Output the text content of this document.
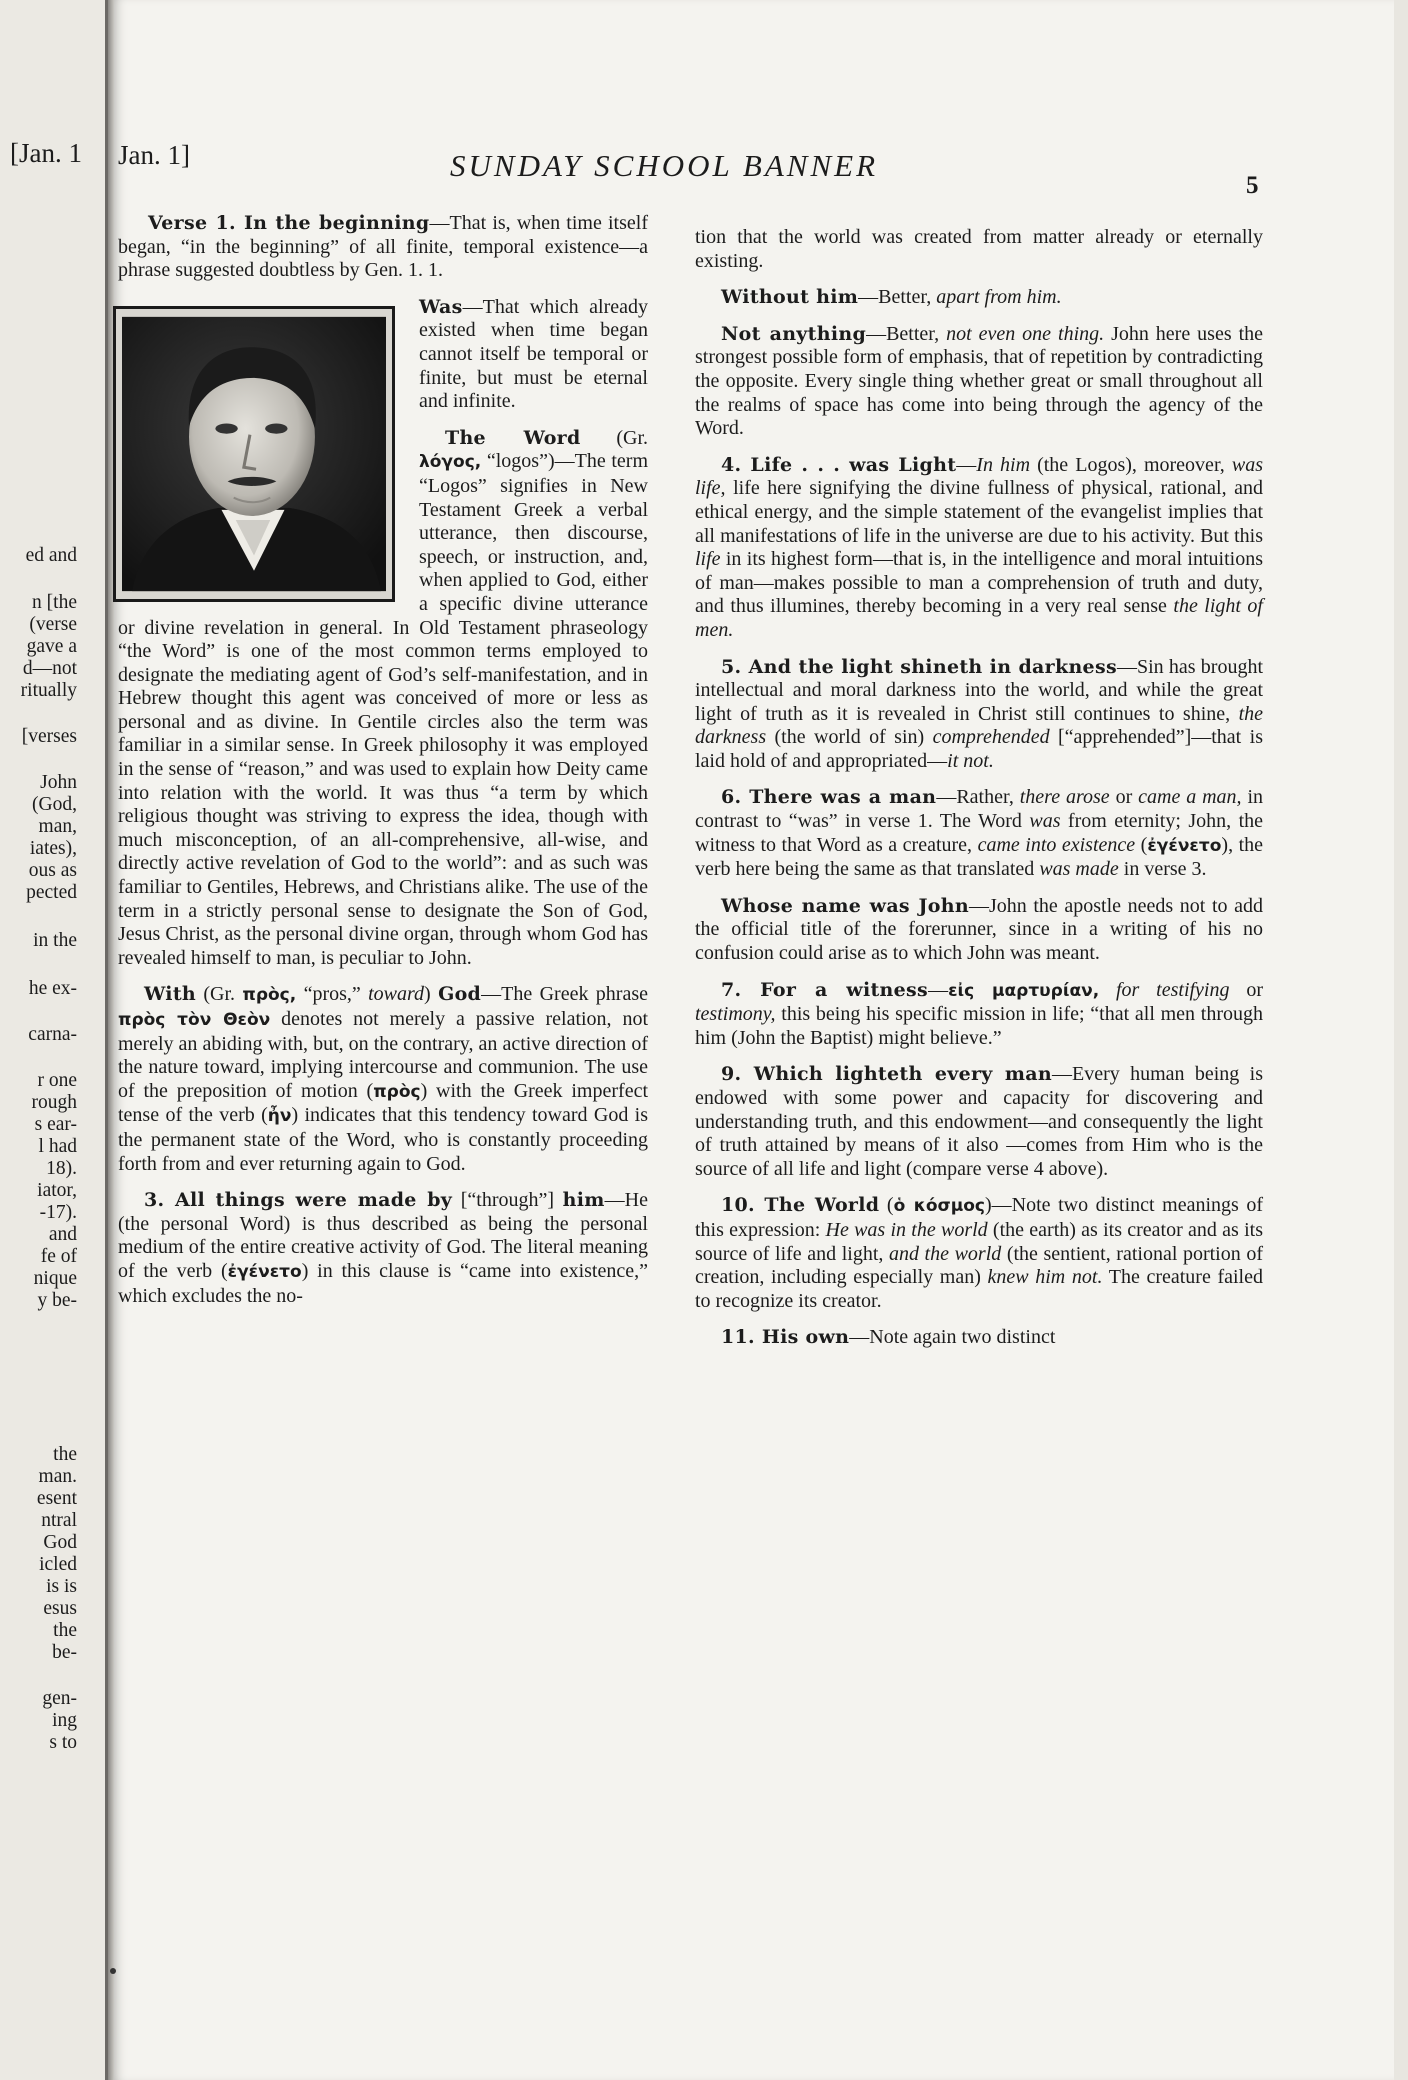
[Jan. 1
ed and
n [the
(verse
gave a
d—not
ritually
[verses
John
(God,
man,
iates),
ous as
pected
in the
he ex-
carna-
r one
rough
s ear-
l had
18).
iator,
-17).
and
fe of
nique
y be-
the
man.
esent
ntral
God
icled
is is
esus
the
be-
gen-
ing
s to
Jan. 1]	SUNDAY SCHOOL BANNER
5

Verse 1. In the beginning—That is, when time itself began, “in the beginning” of all finite, temporal existence—a phrase suggested doubtless by Gen. 1. 1.

Was—That which already existed when time began cannot itself be temporal or finite, but must be eternal and infinite.

The Word (Gr. λόγος, “logos”)—The term “Logos” signifies in New Testament Greek a verbal utterance, then discourse, speech, or instruction, and, when applied to God, either a specific divine utterance or divine revelation in general. In Old Testament phraseology “the Word” is one of the most common terms employed to designate the mediating agent of God’s self-manifestation, and in Hebrew thought this agent was conceived of more or less as personal and as divine. In Gentile circles also the term was familiar in a similar sense. In Greek philosophy it was employed in the sense of “reason,” and was used to explain how Deity came into relation with the world. It was thus “a term by which religious thought was striving to express the idea, though with much misconception, of an all-comprehensive, all-wise, and directly active revelation of God to the world”: and as such was familiar to Gentiles, Hebrews, and Christians alike. The use of the term in a strictly personal sense to designate the Son of God, Jesus Christ, as the personal divine organ, through whom God has revealed himself to man, is peculiar to John.

With (Gr. πρὸς, “pros,” toward) God—The Greek phrase πρὸς τὸν Θεὸν denotes not merely a passive relation, not merely an abiding with, but, on the contrary, an active direction of the nature toward, implying intercourse and communion. The use of the preposition of motion (πρὸς) with the Greek imperfect tense of the verb (ἦν) indicates that this tendency toward God is the permanent state of the Word, who is constantly proceeding forth from and ever returning again to God.

3. All things were made by [“through”] him—He (the personal Word) is thus described as being the personal medium of the entire creative activity of God. The literal meaning of the verb (ἐγένετο) in this clause is “came into existence,” which excludes the no-

tion that the world was created from matter already or eternally existing.

Without him—Better, apart from him.

Not anything—Better, not even one thing. John here uses the strongest possible form of emphasis, that of repetition by contradicting the opposite. Every single thing whether great or small throughout all the realms of space has come into being through the agency of the Word.

4. Life . . . was Light—In him (the Logos), moreover, was life, life here signifying the divine fullness of physical, rational, and ethical energy, and the simple statement of the evangelist implies that all manifestations of life in the universe are due to his activity. But this life in its highest form—that is, in the intelligence and moral intuitions of man—makes possible to man a comprehension of truth and duty, and thus illumines, thereby becoming in a very real sense the light of men.

5. And the light shineth in darkness—Sin has brought intellectual and moral darkness into the world, and while the great light of truth as it is revealed in Christ still continues to shine, the darkness (the world of sin) comprehended [“apprehended”]—that is laid hold of and appropriated—it not.

6. There was a man—Rather, there arose or came a man, in contrast to “was” in verse 1. The Word was from eternity; John, the witness to that Word as a creature, came into existence (ἐγένετο), the verb here being the same as that translated was made in verse 3.

Whose name was John—John the apostle needs not to add the official title of the forerunner, since in a writing of his no confusion could arise as to which John was meant.

7. For a witness—εἰς μαρτυρίαν, for testifying or testimony, this being his specific mission in life; “that all men through him (John the Baptist) might believe.”

9. Which lighteth every man—Every human being is endowed with some power and capacity for discovering and understanding truth, and this endowment—and consequently the light of truth attained by means of it also —comes from Him who is the source of all life and light (compare verse 4 above).

10. The World (ὁ κόσμος)—Note two distinct meanings of this expression: He was in the world (the earth) as its creator and as its source of life and light, and the world (the sentient, rational portion of creation, including especially man) knew him not. The creature failed to recognize its creator.

11. His own—Note again two distinct
